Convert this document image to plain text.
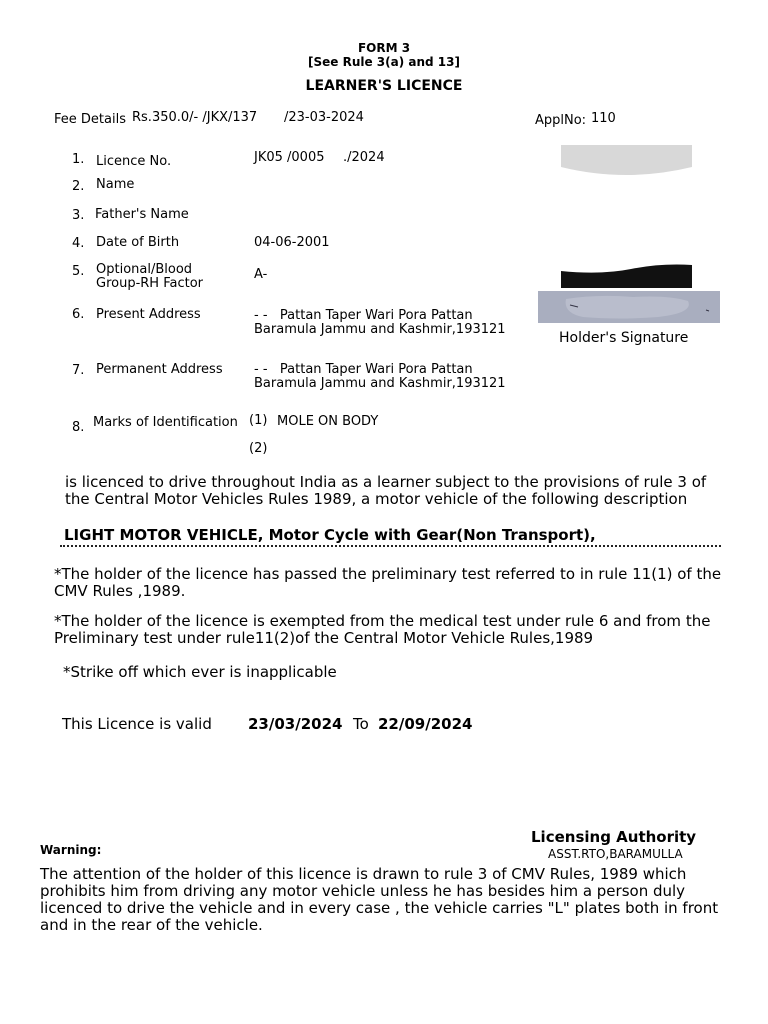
FORM 3
[See Rule 3(a) and 13]
LEARNER'S LICENCE
Fee Details Rs.350.0/- /JKX/137 /23-03-2024	ApplNo: 110
1. Licence No.	JK05 /0005 ./2024
2. Name
3. Father's Name
4. Date of Birth	04-06-2001
5. Optional/Blood
Group-RH Factor
A-
6. Present Address	- -   Pattan Taper Wari Pora Pattan
Baramula Jammu and Kashmir,193121
7. Permanent Address - -   Pattan Taper Wari Pora Pattan
Baramula Jammu and Kashmir,193121
8. Marks of Identification (1) MOLE ON BODY
(2)
Holder's Signature
is licenced to drive throughout India as a learner subject to the provisions of rule 3 of the Central Motor Vehicles Rules 1989, a motor vehicle of the following description
LIGHT MOTOR VEHICLE, Motor Cycle with Gear(Non Transport),
*The holder of the licence has passed the preliminary test referred to in rule 11(1) of the CMV Rules ,1989.
*The holder of the licence is exempted from the medical test under rule 6 and from the Preliminary test under rule11(2)of the Central Motor Vehicle Rules,1989
*Strike off which ever is inapplicable
This Licence is valid 23/03/2024 To 22/09/2024
Licensing Authority
ASST.RTO,BARAMULLA
Warning:
The attention of the holder of this licence is drawn to rule 3 of CMV Rules, 1989 which prohibits him from driving any motor vehicle unless he has besides him a person duly licenced to drive the vehicle and in every case , the vehicle carries "L" plates both in front and in the rear of the vehicle.
